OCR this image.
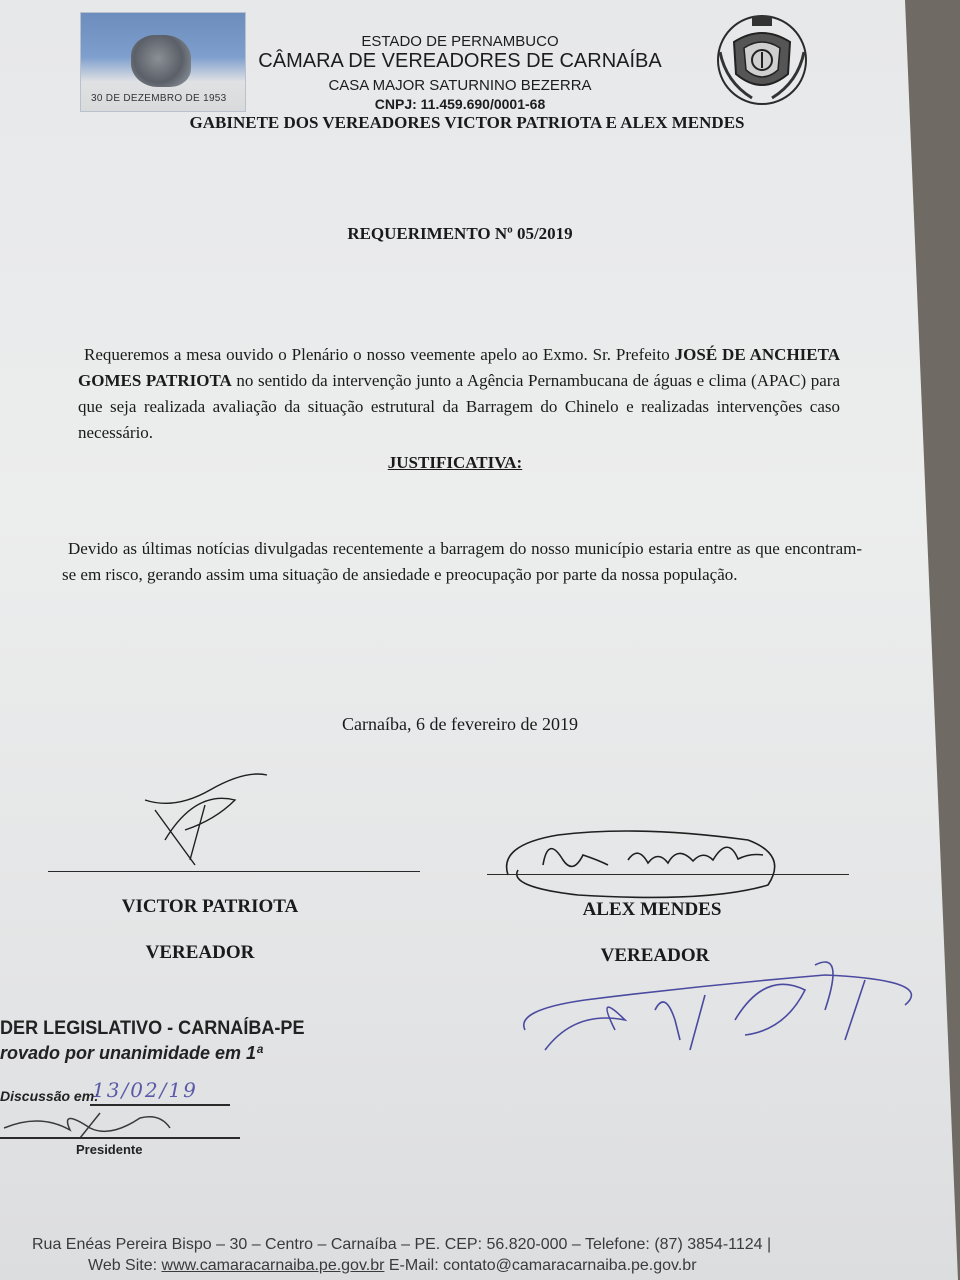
30 DE DEZEMBRO DE 1953
ESTADO DE PERNAMBUCO
CÂMARA DE VEREADORES DE CARNAÍBA
CASA MAJOR SATURNINO BEZERRA
CNPJ: 11.459.690/0001-68
GABINETE DOS VEREADORES VICTOR PATRIOTA E ALEX MENDES
REQUERIMENTO Nº 05/2019
Requeremos a mesa ouvido o Plenário o nosso veemente apelo ao Exmo. Sr. Prefeito JOSÉ DE ANCHIETA GOMES PATRIOTA no sentido da intervenção junto a Agência Pernambucana de águas e clima (APAC) para que seja realizada avaliação da situação estrutural da Barragem do Chinelo e realizadas intervenções caso necessário.
JUSTIFICATIVA:
Devido as últimas notícias divulgadas recentemente a barragem do nosso município estaria entre as que encontram-se em risco, gerando assim uma situação de ansiedade e preocupação por parte da nossa população.
Carnaíba, 6 de fevereiro de 2019
VICTOR PATRIOTA
VEREADOR
ALEX MENDES
VEREADOR
DER LEGISLATIVO - CARNAÍBA-PE
rovado por unanimidade em 1ª
Discussão em:
13/02/19
Presidente
Rua Enéas Pereira Bispo – 30 – Centro – Carnaíba – PE. CEP: 56.820-000 – Telefone: (87) 3854-1124 |
Web Site: www.camaracarnaiba.pe.gov.br E-Mail: contato@camaracarnaiba.pe.gov.br
